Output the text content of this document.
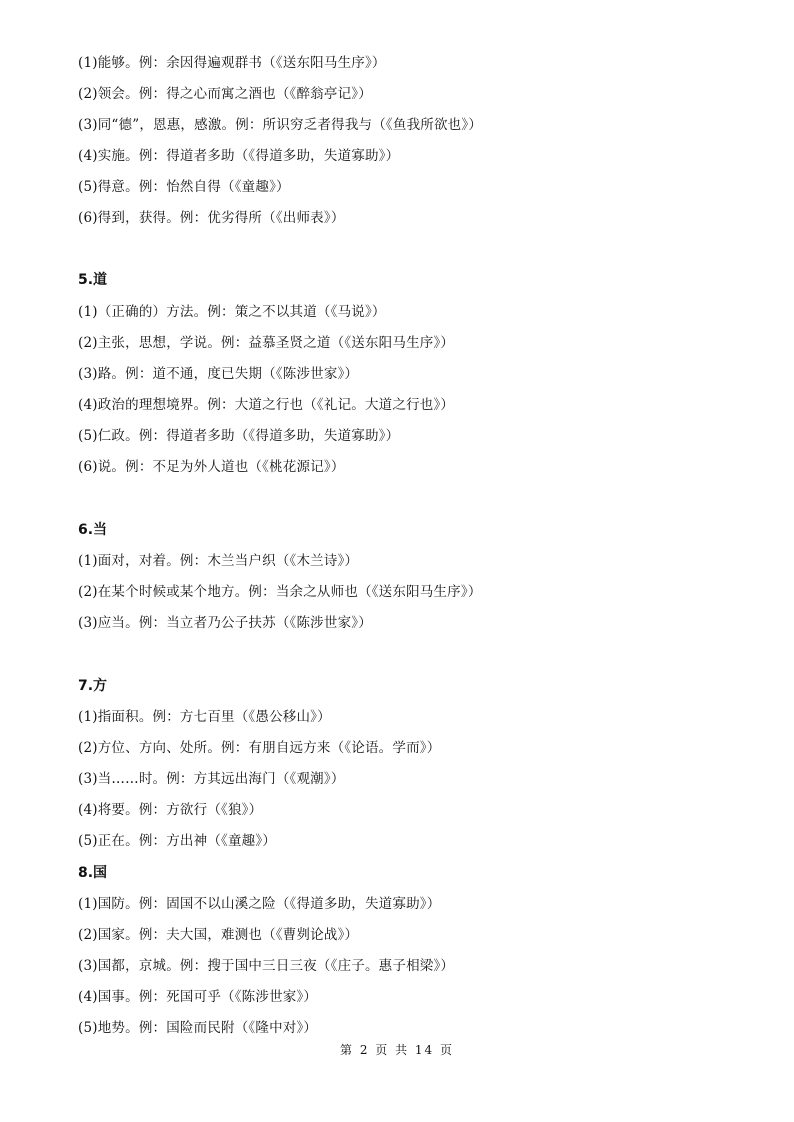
(1)能够。例：余因得遍观群书（《送东阳马生序》）
(2)领会。例：得之心而寓之酒也（《醉翁亭记》）
(3)同“德”，恩惠，感激。例：所识穷乏者得我与（《鱼我所欲也》）
(4)实施。例：得道者多助（《得道多助，失道寡助》）
(5)得意。例：怡然自得（《童趣》）
(6)得到，获得。例：优劣得所（《出师表》）
5.道
(1)（正确的）方法。例：策之不以其道（《马说》）
(2)主张，思想，学说。例：益慕圣贤之道（《送东阳马生序》）
(3)路。例：道不通，度已失期（《陈涉世家》）
(4)政治的理想境界。例：大道之行也（《礼记。大道之行也》）
(5)仁政。例：得道者多助（《得道多助，失道寡助》）
(6)说。例：不足为外人道也（《桃花源记》）
6.当
(1)面对，对着。例：木兰当户织（《木兰诗》）
(2)在某个时候或某个地方。例：当余之从师也（《送东阳马生序》）
(3)应当。例：当立者乃公子扶苏（《陈涉世家》）
7.方
(1)指面积。例：方七百里（《愚公移山》）
(2)方位、方向、处所。例：有朋自远方来（《论语。学而》）
(3)当……时。例：方其远出海门（《观潮》）
(4)将要。例：方欲行（《狼》）
(5)正在。例：方出神（《童趣》）
8.国
(1)国防。例：固国不以山溪之险（《得道多助，失道寡助》）
(2)国家。例：夫大国，难测也（《曹刿论战》）
(3)国都，京城。例：搜于国中三日三夜（《庄子。惠子相梁》）
(4)国事。例：死国可乎（《陈涉世家》）
(5)地势。例：国险而民附（《隆中对》）
第 2 页 共 14 页
